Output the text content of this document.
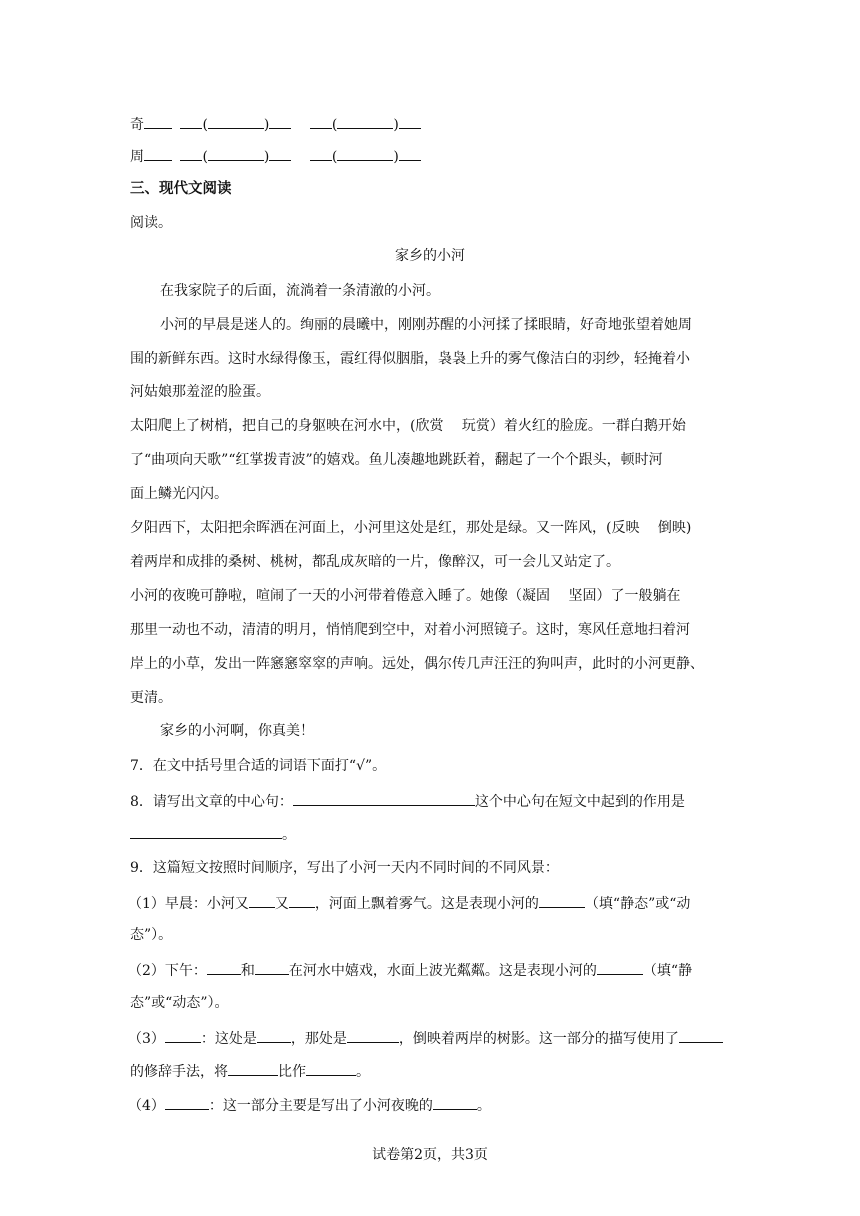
奇	(	)	(	)
周	(	)	(	)
三、现代文阅读
阅读。
家乡的小河
在我家院子的后面，流淌着一条清澈的小河。
小河的早晨是迷人的。绚丽的晨曦中，刚刚苏醒的小河揉了揉眼睛，好奇地张望着她周
围的新鲜东西。这时水绿得像玉，霞红得似胭脂，袅袅上升的雾气像洁白的羽纱，轻掩着小
河姑娘那羞涩的脸蛋。
太阳爬上了树梢，把自己的身躯映在河水中，(欣赏　 玩赏）着火红的脸庞。一群白鹅开始
了“曲项向天歌”“红掌拨青波”的嬉戏。鱼儿凑趣地跳跃着，翻起了一个个跟头，顿时河
面上鳞光闪闪。
夕阳西下，太阳把余晖洒在河面上，小河里这处是红，那处是绿。又一阵风，(反映　 倒映)
着两岸和成排的桑树、桃树，都乱成灰暗的一片，像醉汉，可一会儿又站定了。
小河的夜晚可静啦，喧闹了一天的小河带着倦意入睡了。她像（凝固　 坚固）了一般躺在
那里一动也不动，清清的明月，悄悄爬到空中，对着小河照镜子。这时，寒风任意地扫着河
岸上的小草，发出一阵窸窸窣窣的声响。远处，偶尔传几声汪汪的狗叫声，此时的小河更静、
更清。
家乡的小河啊，你真美！
7．在文中括号里合适的词语下面打“√”。
8．请写出文章的中心句：	这个中心句在短文中起到的作用是
。
9．这篇短文按照时间顺序，写出了小河一天内不同时间的不同风景：
（1）早晨：小河又 又 ，河面上飘着雾气。这是表现小河的	（填“静态”或“动
态”）。
（2）下午： 和 在河水中嬉戏，水面上波光粼粼。这是表现小河的	（填“静
态”或“动态”）。
（3）	：这处是 ，那处是	，倒映着两岸的树影。这一部分的描写使用了
的修辞手法，将	比作	。
（4）	：这一部分主要是写出了小河夜晚的	。
试卷第2页，共3页
